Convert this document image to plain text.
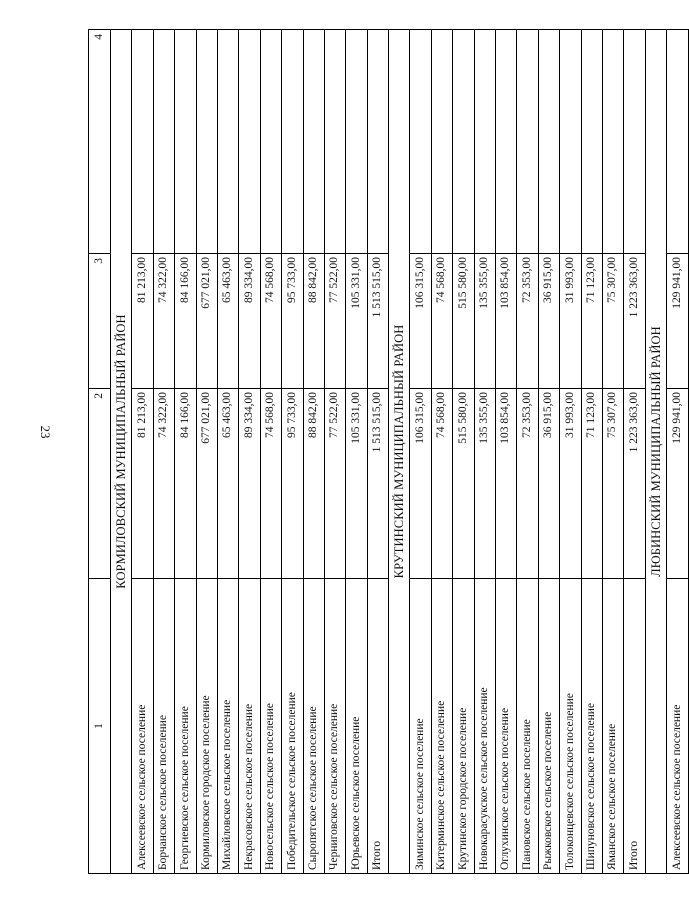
23
1	2	3	4
КОРМИЛОВСКИЙ МУНИЦИПАЛЬНЫЙ РАЙОН			
Алексеевское сельское поселение	81 213,00	81 213,00	
Борчанское сельское поселение	74 322,00	74 322,00	
Георгиевское сельское поселение	84 166,00	84 166,00	
Кормиловское городское поселение	677 021,00	677 021,00	
Михайловское сельское поселение	65 463,00	65 463,00	
Некрасовское сельское поселение	89 334,00	89 334,00	
Новосельское сельское поселение	74 568,00	74 568,00	
Победительское сельское поселение	95 733,00	95 733,00	
Сыропятское сельское поселение	88 842,00	88 842,00	
Черниговское сельское поселение	77 522,00	77 522,00	
Юрьевское сельское поселение	105 331,00	105 331,00	
Итого	1 513 515,00	1 513 515,00	
КРУТИНСКИЙ МУНИЦИПАЛЬНЫЙ РАЙОН			
Зиминское сельское поселение	106 315,00	106 315,00	
Китерминское сельское поселение	74 568,00	74 568,00	
Крутинское городское поселение	515 580,00	515 580,00	
Новокарасукское сельское поселение	135 355,00	135 355,00	
Оглухинское сельское поселение	103 854,00	103 854,00	
Пановское сельское поселение	72 353,00	72 353,00	
Рыжковское сельское поселение	36 915,00	36 915,00	
Толоконцевское сельское поселение	31 993,00	31 993,00	
Шипуновское сельское поселение	71 123,00	71 123,00	
Яманское сельское поселение	75 307,00	75 307,00	
Итого	1 223 363,00	1 223 363,00	
ЛЮБИНСКИЙ МУНИЦИПАЛЬНЫЙ РАЙОН			
Алексеевское сельское поселение	129 941,00	129 941,00	
